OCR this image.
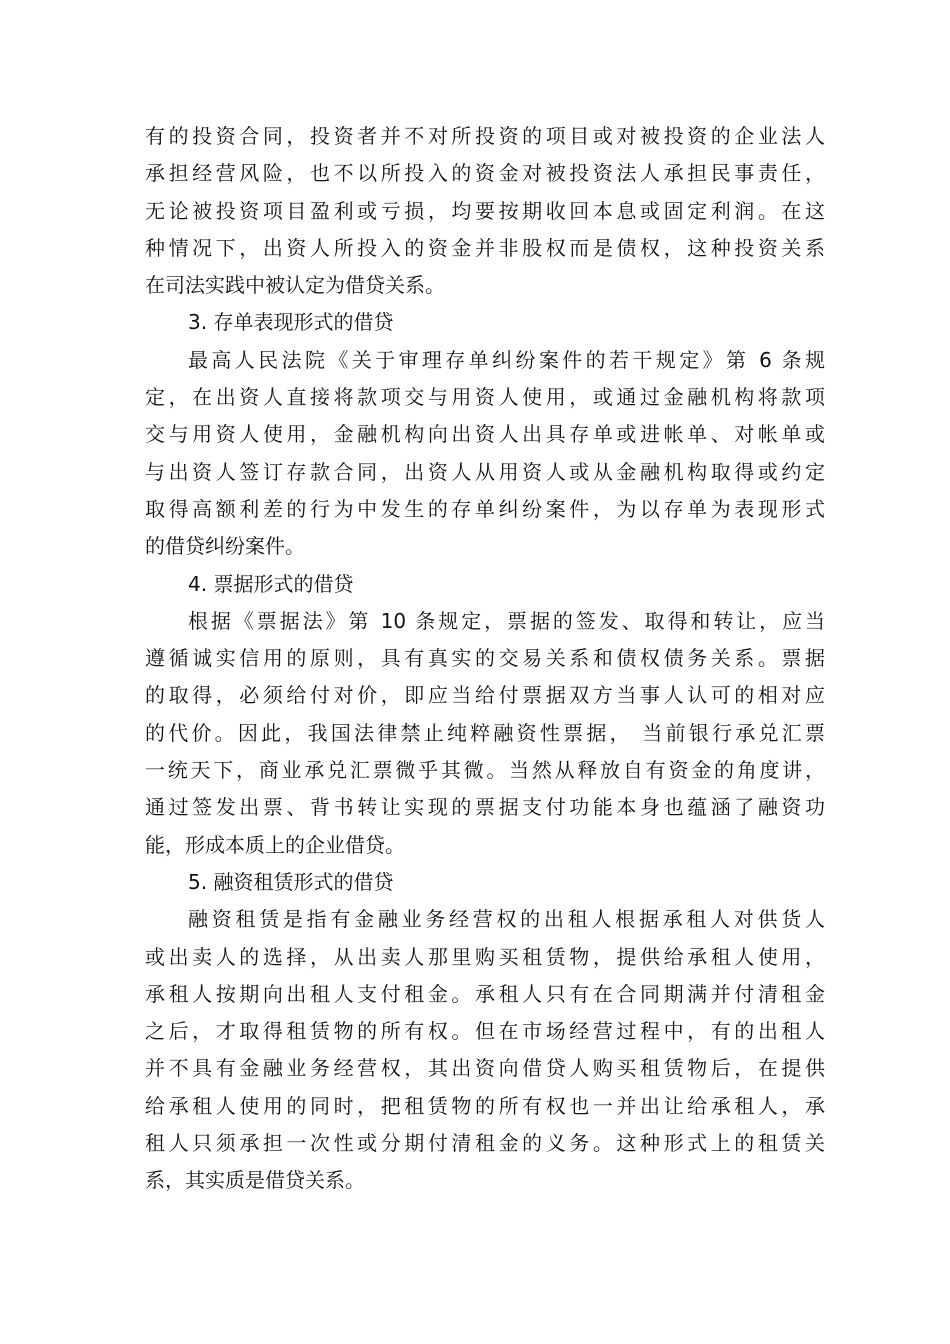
有的投资合同，投资者并不对所投资的项目或对被投资的企业法人
承担经营风险，也不以所投入的资金对被投资法人承担民事责任，
无论被投资项目盈利或亏损，均要按期收回本息或固定利润。在这
种情况下，出资人所投入的资金并非股权而是债权，这种投资关系
在司法实践中被认定为借贷关系。
3. 存单表现形式的借贷
最高人民法院《关于审理存单纠纷案件的若干规定》第 6 条规
定，在出资人直接将款项交与用资人使用，或通过金融机构将款项
交与用资人使用，金融机构向出资人出具存单或进帐单、对帐单或
与出资人签订存款合同，出资人从用资人或从金融机构取得或约定
取得高额利差的行为中发生的存单纠纷案件，为以存单为表现形式
的借贷纠纷案件。
4. 票据形式的借贷
根据《票据法》第 10 条规定，票据的签发、取得和转让，应当
遵循诚实信用的原则，具有真实的交易关系和债权债务关系。票据
的取得，必须给付对价，即应当给付票据双方当事人认可的相对应
的代价。因此，我国法律禁止纯粹融资性票据， 当前银行承兑汇票
一统天下，商业承兑汇票微乎其微。当然从释放自有资金的角度讲，
通过签发出票、背书转让实现的票据支付功能本身也蕴涵了融资功
能，形成本质上的企业借贷。
5. 融资租赁形式的借贷
融资租赁是指有金融业务经营权的出租人根据承租人对供货人
或出卖人的选择，从出卖人那里购买租赁物，提供给承租人使用，
承租人按期向出租人支付租金。承租人只有在合同期满并付清租金
之后，才取得租赁物的所有权。但在市场经营过程中，有的出租人
并不具有金融业务经营权，其出资向借贷人购买租赁物后，在提供
给承租人使用的同时，把租赁物的所有权也一并出让给承租人，承
租人只须承担一次性或分期付清租金的义务。这种形式上的租赁关
系，其实质是借贷关系。
